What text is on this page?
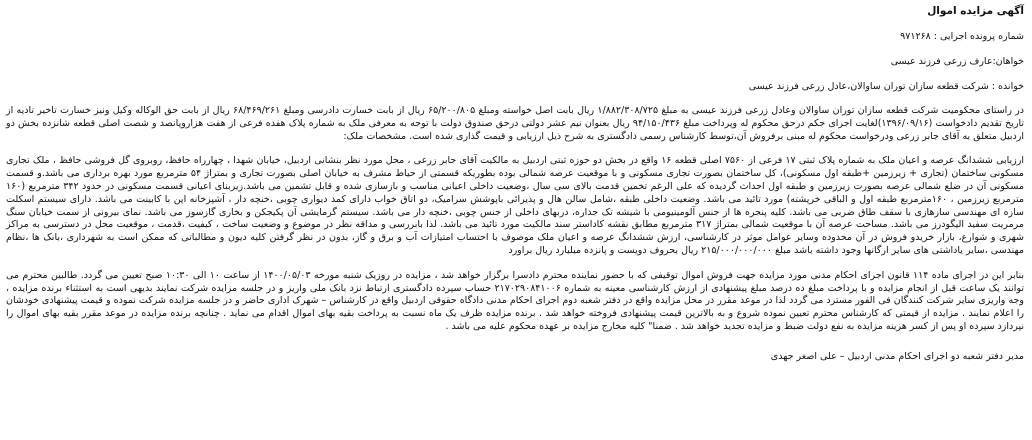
آگهی مزایده اموال

شماره پرونده اجرایی : ۹۷۱۲۶۸

خواهان:عارف زرعی فرزند عیسی

خوانده : شرکت قطعه سازان توران ساوالان،عادل زرعی فرزند عیسی

در راستای محکومیت شرکت قطعه سازان توران ساوالان وعادل زرعی فرزند عیسی به مبلغ ۱/۸۸۲/۳۰۸/۷۲۵ ریال بابت اصل خواسته ومبلغ ۶۵/۲۰۰/۸۰۵ ریال از بابت خسارت دادرسی ومبلغ ۶۸/۴۶۹/۲۶۱ ریال از بابت حق الوکاله وکیل ونیز خسارت تاخیر تادیه از تاریخ تقدیم دادخواست (۱۳۹۶/۰۹/۱۶)لغایت اجرای حکم درحق محکوم له وپرداخت مبلغ ۹۴/۱۵۰/۴۳۶ ریال بعنوان نیم عشر دولتی درحق صندوق دولت با توجه به معرفی ملک به شماره پلاک هفده فرعی از هفت هزاروپانصد و شصت اصلی قطعه شانزده بخش دو اردبیل متعلق به آقای جابر زرعی ودرخواست محکوم له مبنی برفروش آن،توسط کارشناس رسمی دادگستری به شرح ذیل ارزیابی و قیمت گذاری شده است. مشخصات ملک:

ارزیابی ششدانگ عرصه و اعیان ملک به شماره پلاک ثبتی ۱۷ فرعی از ۷۵۶۰ اصلی قطعه ۱۶ واقع در بخش دو حوزه ثبتی اردبیل به مالکیت آقای جابر زرعی ، محل مورد نظر بنشانی اردبیل، خیابان شهدا ، چهارراه حافظ، روبروی گل فروشی حافظ ، ملک تجاری مسکونی ساختمان (تجاری + زیرزمین +طبقه اول مسکونی)، کل ساختمان بصورت تجاری مسکونی و با موقعیت عرصه شمالی بوده بطوریکه قسمتی از حیاط مشرف به خیابان اصلی بصورت تجاری و بمتراژ ۵۴ مترمربع مورد بهره برداری می باشد.و قسمت مسکونی آن در ضلع شمالی عرصه بصورت زیرزمین و طبقه اول احداث گردیده که علی الرغم تخمین قدمت بالای سی سال ،وضعیت داخلی اعیانی مناسب و بازسازی شده و قابل تشمین می باشد.زیربنای اعیانی قسمت مسکونی در حدود ۳۴۲ مترمربع (۱۶۰ مترمربع زیرزمین ، ۱۶۰مترمربع طبقه اول و الباقی خرپشته) مورد تائید می باشد. وضعیت داخلی طبقه ،شامل سالن هال و پذیرائی باپوشش سرامیک، دو اتاق خواب دارای کمد دیواری چوبی ،خنچه دار ، آشپزخانه اپن با کابینت می باشد. دارای سیستم اسکلت سازه ای مهندسی سازهازی با سقف طاق ضربی می باشد. کلیه پنجره ها از جنس آلومینیومی با شیشه تک جداره، دربهای داخلی از جنس چوبی ،خنچه دار می باشد. سیستم گرمایشی آن پکیجکن و بخاری گازسوز می باشد. نمای بیرونی از سمت خیابان سنگ مرمریت سفید الیگودرز می باشد. مساحت عرصه آن با موقعیت شمالی بمتراژ ۳۱۷ مترمربع مطابق نقشه کاداستر سند مالکیت مورد تائید می باشد. لذا بابررسی و مداقه نظر در موضوع و وضعیت ساخت ، کیفیت ،قدمت ، موقعیت محل در دسترسی به مراکز شهری و شوارع، بازار خریدو فروش در آن محدوده وسایر عوامل موثر در کارشناسی، ارزش ششدانگ عرصه و اعیان ملک موصوف با احتساب امتیازات آب و برق و گاز، بدون در نظر گرفتن کلیه دیون و مطالباتی که ممکن است به شهرداری ،بانک ها ،نظام مهندسی ،سایر یاداشتی های سایر ارگانها وجود داشته باشد مبلغ ۲۱۵/۰۰۰/۰۰۰/۰۰۰ ریال بحروف دویست و پانزده میلیارد ریال براورد

بنابر این در اجرای ماده ۱۱۴ قانون اجرای احکام مدنی مورد مزایده جهت فروش اموال توقیفی که با حضور نماینده محترم دادسرا برگزار خواهد شد ، مزایده در روزیک شنبه مورخه ۱۴۰۰/۰۵/۰۳ از ساعت ۱۰ الی ۱۰:۳۰ صبح تعیین می گردد. طالبین محترم می توانند یک ساعت قبل از انجام مزایده و با پرداخت مبلغ ده درصد مبلغ پیشنهادی از ارزش کارشناسی معینه به شماره ۲۱۷۰۲۹۰۸۴۱۰۰۶ حساب سپرده دادگستری ارتباط نزد بانک ملی واریز و در جلسه مزایده شرکت نمایند بدیهی است به استثناء برنده مزایده ، وجه واریزی سایر شرکت کنندگان فی الفور مسترد می گردد لذا در موعد مقرر در محل مزایده واقع در دفتر شعبه دوم اجرای احکام مدنی دادگاه حقوقی اردبیل واقع در کارشناس – شهرک اداری حاضر و در جلسه مزایده شرکت نموده و قیمت پیشنهادی خودشان را اعلام نمایند . مزایده از قیمتی که کارشناس محترم تعیین نموده شروع و به بالاترین قیمت پیشنهادی فروخته خواهد شد . برنده مزایده ظرف یک ماه نسبت به پرداخت بقیه بهای اموال اقدام می نماید . چنانچه برنده مزایده در موعد مقرر بقیه بهای اموال را نپردازد سپرده او پس از کسر هزینه مزایده به نفع دولت ضبط و مزایده تجدید خواهد شد . ضمنا" کلیه مخارج مزایده بر عهده محکوم علیه می باشد .

مدیر دفتر شعبه دو اجرای احکام مدنی اردبیل – علی اصغر جهدی
